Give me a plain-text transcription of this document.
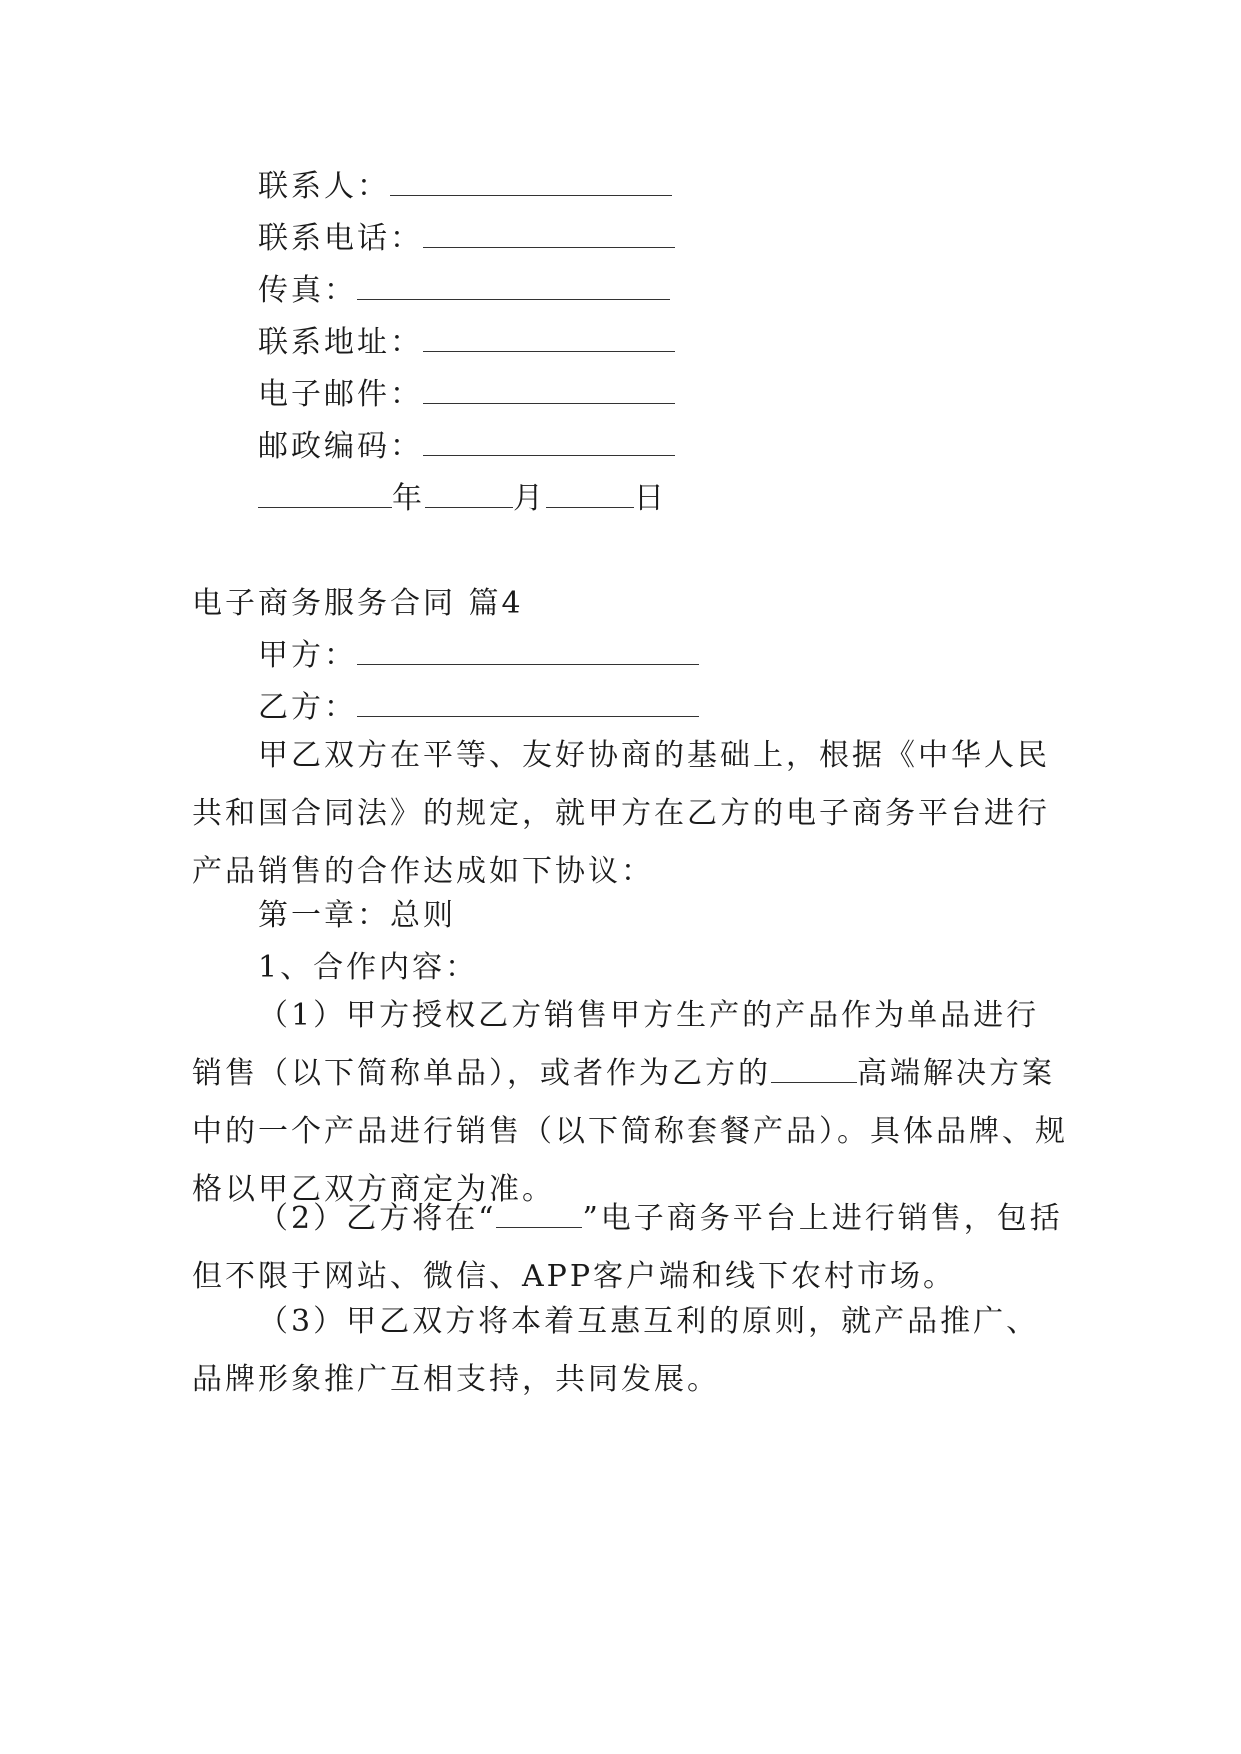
联系人：
联系电话：
传真：
联系地址：
电子邮件：
邮政编码：
年	月	日
电子商务服务合同 篇4
甲方：
乙方：
甲乙双方在平等、友好协商的基础上，根据《中华人民共和国合同法》的规定，就甲方在乙方的电子商务平台进行产品销售的合作达成如下协议：
第一章：总则
1、合作内容：
（1）甲方授权乙方销售甲方生产的产品作为单品进行销售（以下简称单品），或者作为乙方的	高端解决方案中的一个产品进行销售（以下简称套餐产品）。具体品牌、规格以甲乙双方商定为准。
（2）乙方将在“	”电子商务平台上进行销售，包括但不限于网站、微信、APP客户端和线下农村市场。
（3）甲乙双方将本着互惠互利的原则，就产品推广、品牌形象推广互相支持，共同发展。
